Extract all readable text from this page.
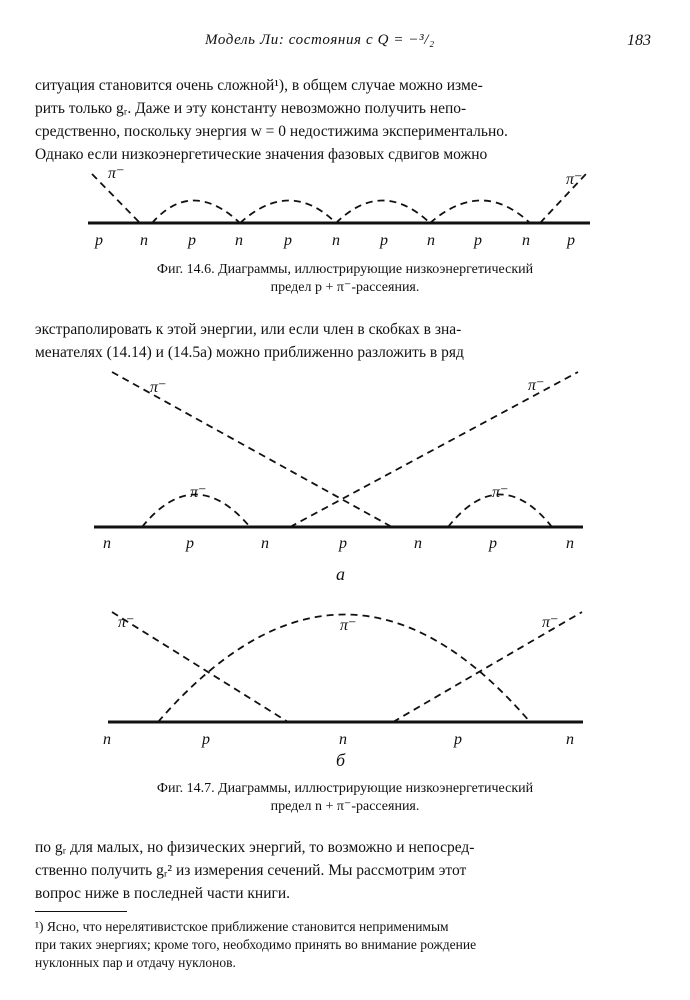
Модель Ли: состояния с Q = −³/₂	183
ситуация становится очень сложной¹), в общем случае можно изме-
рить только gᵣ. Даже и эту константу невозможно получить непо-
средственно, поскольку энергия w = 0 недостижима экспериментально.
Однако если низкоэнергетические значения фазовых сдвигов можно
π⁻	π⁻
p n	p n	p	n	p n p	n p
Фиг. 14.6. Диаграммы, иллюстрирующие низкоэнергетический
предел p + π⁻-рассеяния.
экстраполировать к этой энергии, или если член в скобках в зна-
менателях (14.14) и (14.5а) можно приближенно разложить в ряд
π⁻	π⁻
π⁻	π⁻
n	p	n	p	n	p	n
а
π⁻	π⁻	π⁻
n	p	n	p	n
б
Фиг. 14.7. Диаграммы, иллюстрирующие низкоэнергетический
предел n + π⁻-рассеяния.
по gᵣ для малых, но физических энергий, то возможно и непосред-
ственно получить gᵣ² из измерения сечений. Мы рассмотрим этот
вопрос ниже в последней части книги.
¹) Ясно, что нерелятивистское приближение становится неприменимым
при таких энергиях; кроме того, необходимо принять во внимание рождение
нуклонных пар и отдачу нуклонов.
